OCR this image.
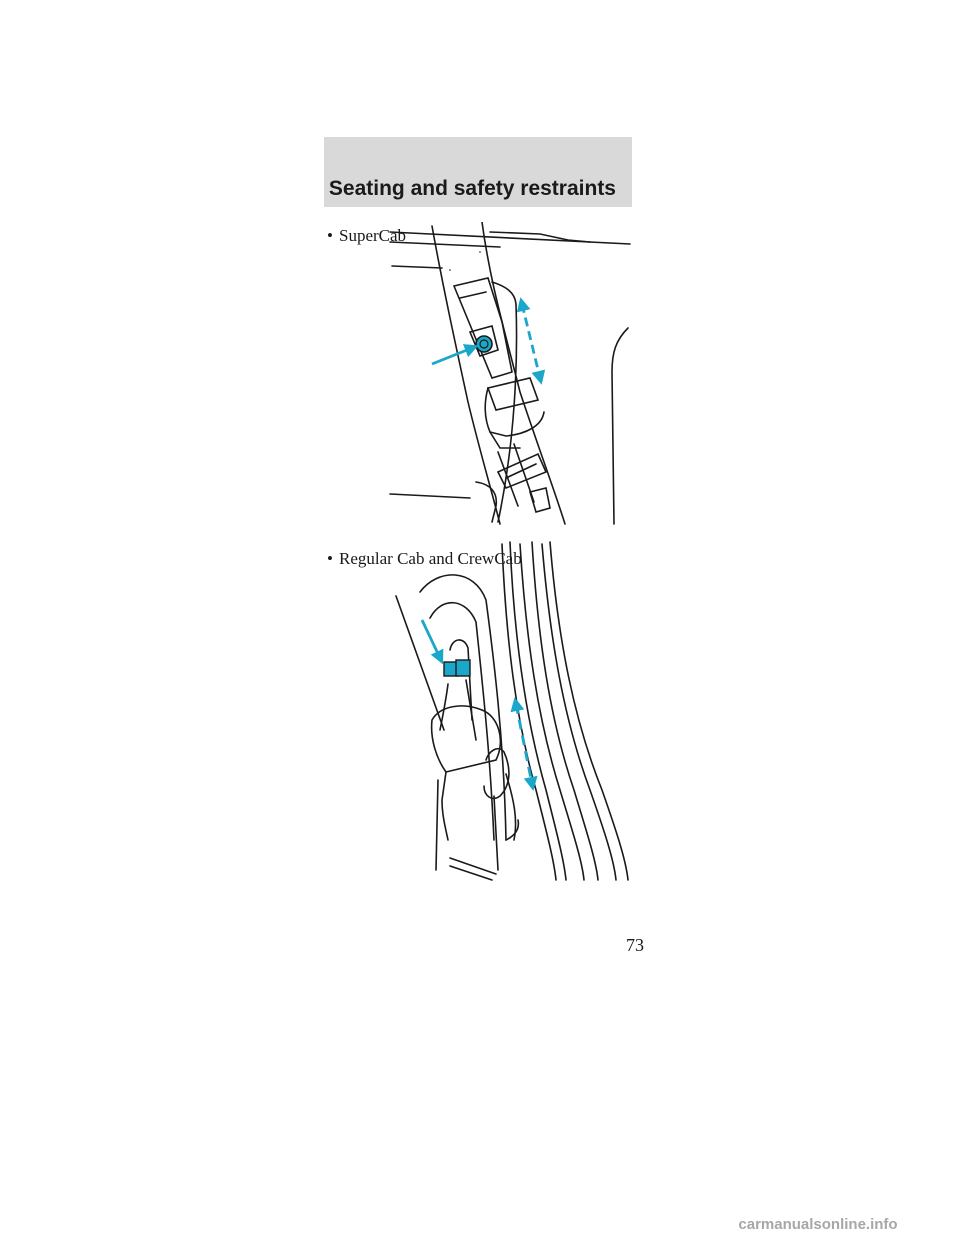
Seating and safety restraints
• SuperCab
• Regular Cab and CrewCab
73
carmanualsonline.info
